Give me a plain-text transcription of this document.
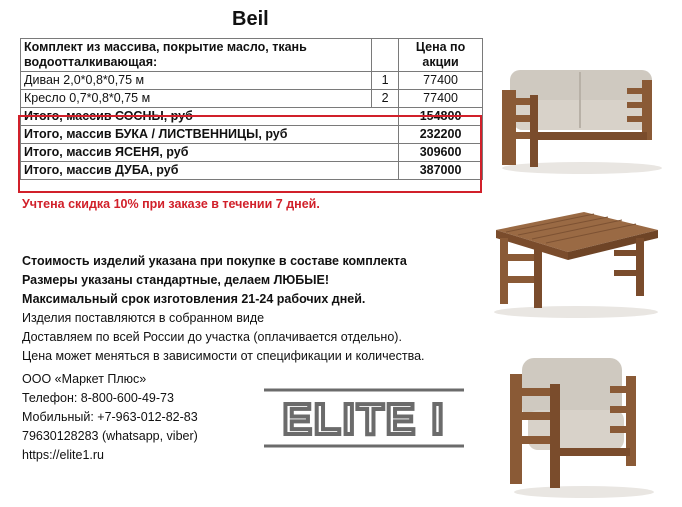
Beil
Комплект из массива, покрытие масло, ткань водоотталкивающая:		Цена по акции
Диван 2,0*0,8*0,75 м	1	77400
Кресло 0,7*0,8*0,75 м	2	77400
Итого, массив СОСНЫ, руб		154800
Итого, массив БУКА / ЛИСТВЕННИЦЫ, руб		232200
Итого, массив ЯСЕНЯ, руб		309600
Итого, массив ДУБА, руб		387000
Учтена скидка 10% при заказе в течении 7 дней.
Стоимость изделий указана при покупке в составе комплекта
Размеры указаны стандартные, делаем ЛЮБЫЕ!
Максимальный срок изготовления 21-24 рабочих дней.
Изделия поставляются в собранном виде
Доставляем по всей России до участка (оплачивается отдельно).
Цена может меняться в зависимости от спецификации и количества.
ООО «Маркет Плюс»
Телефон: 8-800-600-49-73
Мобильный: +7-963-012-82-83
79630128283 (whatsapp, viber)
https://elite1.ru
ELITE I
